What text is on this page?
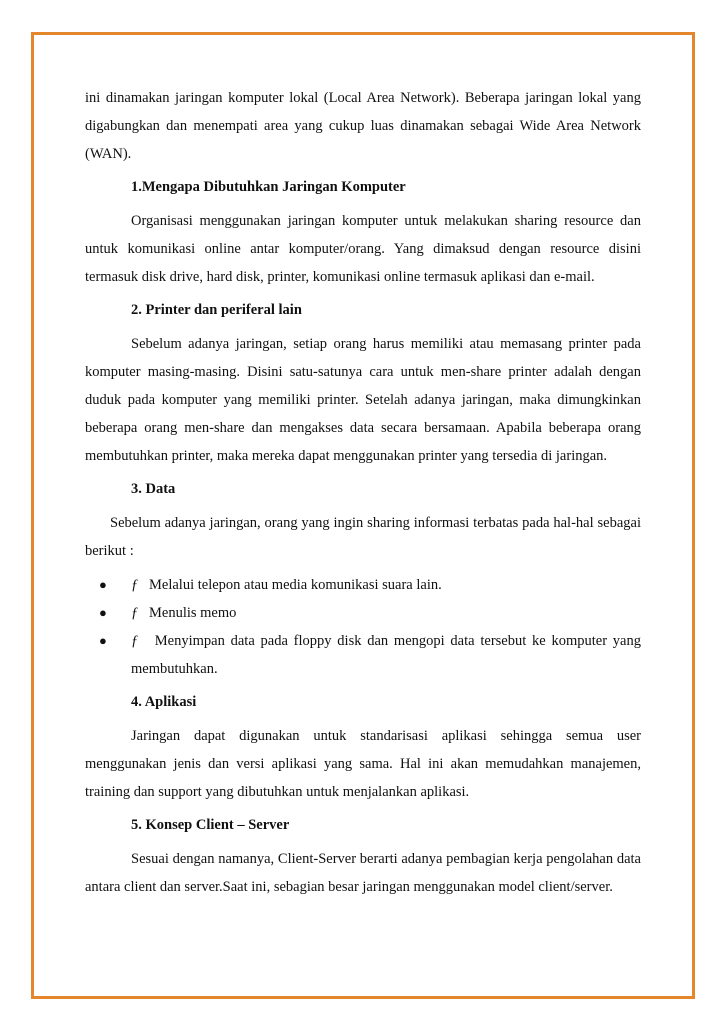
ini dinamakan jaringan komputer lokal (Local Area Network). Beberapa jaringan lokal yang digabungkan dan menempati area yang cukup luas dinamakan sebagai Wide Area Network (WAN).

1.Mengapa Dibutuhkan Jaringan Komputer

Organisasi menggunakan jaringan komputer untuk melakukan sharing resource dan untuk komunikasi online antar komputer/orang. Yang dimaksud dengan resource disini termasuk disk drive, hard disk, printer, komunikasi online termasuk aplikasi dan e-mail.

2. Printer dan periferal lain

Sebelum adanya jaringan, setiap orang harus memiliki atau memasang printer pada komputer masing-masing. Disini satu-satunya cara untuk men-share printer adalah dengan duduk pada komputer yang memiliki printer. Setelah adanya jaringan, maka dimungkinkan beberapa orang men-share dan mengakses data secara bersamaan. Apabila beberapa orang membutuhkan printer, maka mereka dapat menggunakan printer yang tersedia di jaringan.

3. Data

Sebelum adanya jaringan, orang yang ingin sharing informasi terbatas pada hal-hal sebagai berikut :

● ƒ Melalui telepon atau media komunikasi suara lain.
● ƒ Menulis memo
● ƒ Menyimpan data pada floppy disk dan mengopi data tersebut ke komputer yang membutuhkan.

4. Aplikasi

Jaringan dapat digunakan untuk standarisasi aplikasi sehingga semua user menggunakan jenis dan versi aplikasi yang sama. Hal ini akan memudahkan manajemen, training dan support yang dibutuhkan untuk menjalankan aplikasi.

5. Konsep Client – Server

Sesuai dengan namanya, Client-Server berarti adanya pembagian kerja pengolahan data antara client dan server.Saat ini, sebagian besar jaringan menggunakan model client/server.
